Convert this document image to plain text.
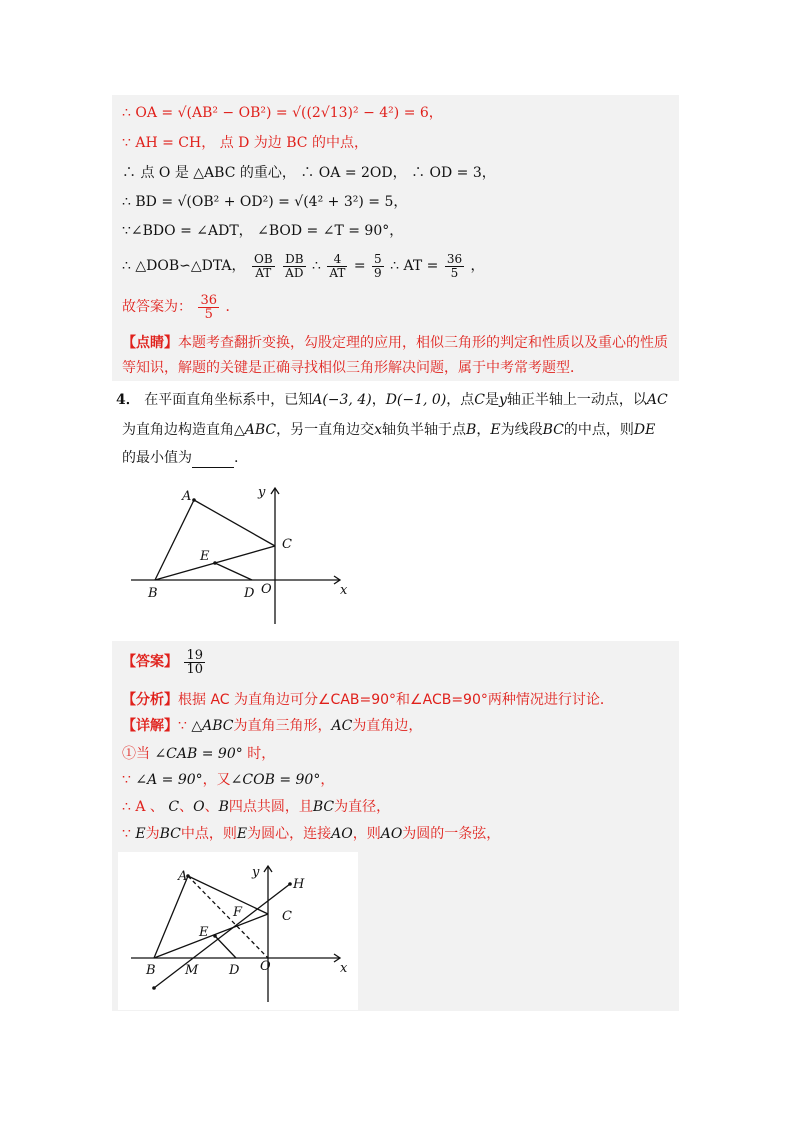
∴ OA = √(AB² − OB²) = √((2√13)² − 4²) = 6，
∵ AH = CH， 点 D 为边 BC 的中点，
∴ 点 O 是 △ABC 的重心， ∴ OA = 2OD， ∴ OD = 3，
∴ BD = √(OB² + OD²) = √(4² + 3²) = 5，
∵∠BDO = ∠ADT， ∠BOD = ∠T = 90°，
∴ △DOB∽△DTA， $\frac{OB}{AT}$
$\frac{DB}{AD}$ ∴ $\frac{4}{AT} = \frac{5}{9}$ ∴ AT = $\frac{36}{5}$ ，
故答案为： $\frac{36}{5}$ ．
【点睛】本题考查翻折变换，勾股定理的应用，相似三角形的判定和性质以及重心的性质
等知识，解题的关键是正确寻找相似三角形解决问题，属于中考常考题型．
4． 在平面直角坐标系中，已知A(−3, 4)，D(−1, 0)，点C是y轴正半轴上一动点，以AC
为直角边构造直角△ABC，另一直角边交x轴负半轴于点B，E为线段BC的中点，则DE
的最小值为	.
A
B
C
D
E
O	x
y
【答案】 $\frac{19}{10}$
【分析】根据 AC 为直角边可分∠CAB=90°和∠ACB=90°两种情况进行讨论．
【详解】∵ △ABC为直角三角形，AC为直角边，
①当 ∠CAB = 90° 时，
∵ ∠A = 90°，又∠COB = 90°，
∴ A 、 C、O、B四点共圆，且BC为直径，
∵ E为BC中点，则E为圆心，连接AO，则AO为圆的一条弦，
A
B
C
D
E
F
H
M	O	x
y
